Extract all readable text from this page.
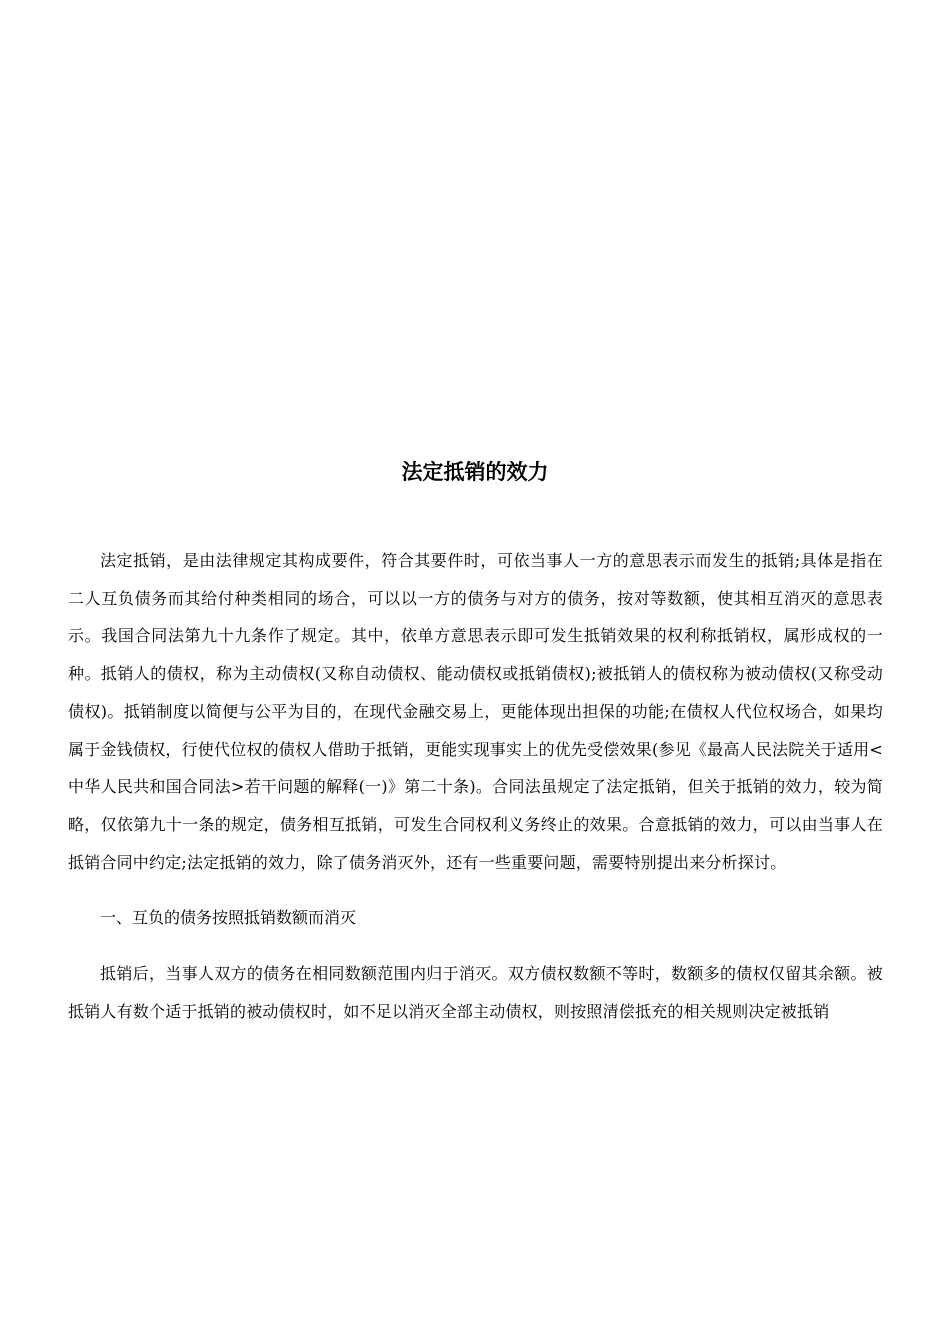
法定抵销的效力

法定抵销，是由法律规定其构成要件，符合其要件时，可依当事人一方的意思表示而发生的抵销;具体是指在二人互负债务而其给付种类相同的场合，可以以一方的债务与对方的债务，按对等数额，使其相互消灭的意思表示。我国合同法第九十九条作了规定。其中，依单方意思表示即可发生抵销效果的权利称抵销权，属形成权的一种。抵销人的债权，称为主动债权(又称自动债权、能动债权或抵销债权);被抵销人的债权称为被动债权(又称受动债权)。抵销制度以简便与公平为目的，在现代金融交易上，更能体现出担保的功能;在债权人代位权场合，如果均属于金钱债权，行使代位权的债权人借助于抵销，更能实现事实上的优先受偿效果(参见《最高人民法院关于适用<中华人民共和国合同法>若干问题的解释(一)》第二十条)。合同法虽规定了法定抵销，但关于抵销的效力，较为简略，仅依第九十一条的规定，债务相互抵销，可发生合同权利义务终止的效果。合意抵销的效力，可以由当事人在抵销合同中约定;法定抵销的效力，除了债务消灭外，还有一些重要问题，需要特别提出来分析探讨。

一、互负的债务按照抵销数额而消灭

抵销后，当事人双方的债务在相同数额范围内归于消灭。双方债权数额不等时，数额多的债权仅留其余额。被抵销人有数个适于抵销的被动债权时，如不足以消灭全部主动债权，则按照清偿抵充的相关规则决定被抵销
